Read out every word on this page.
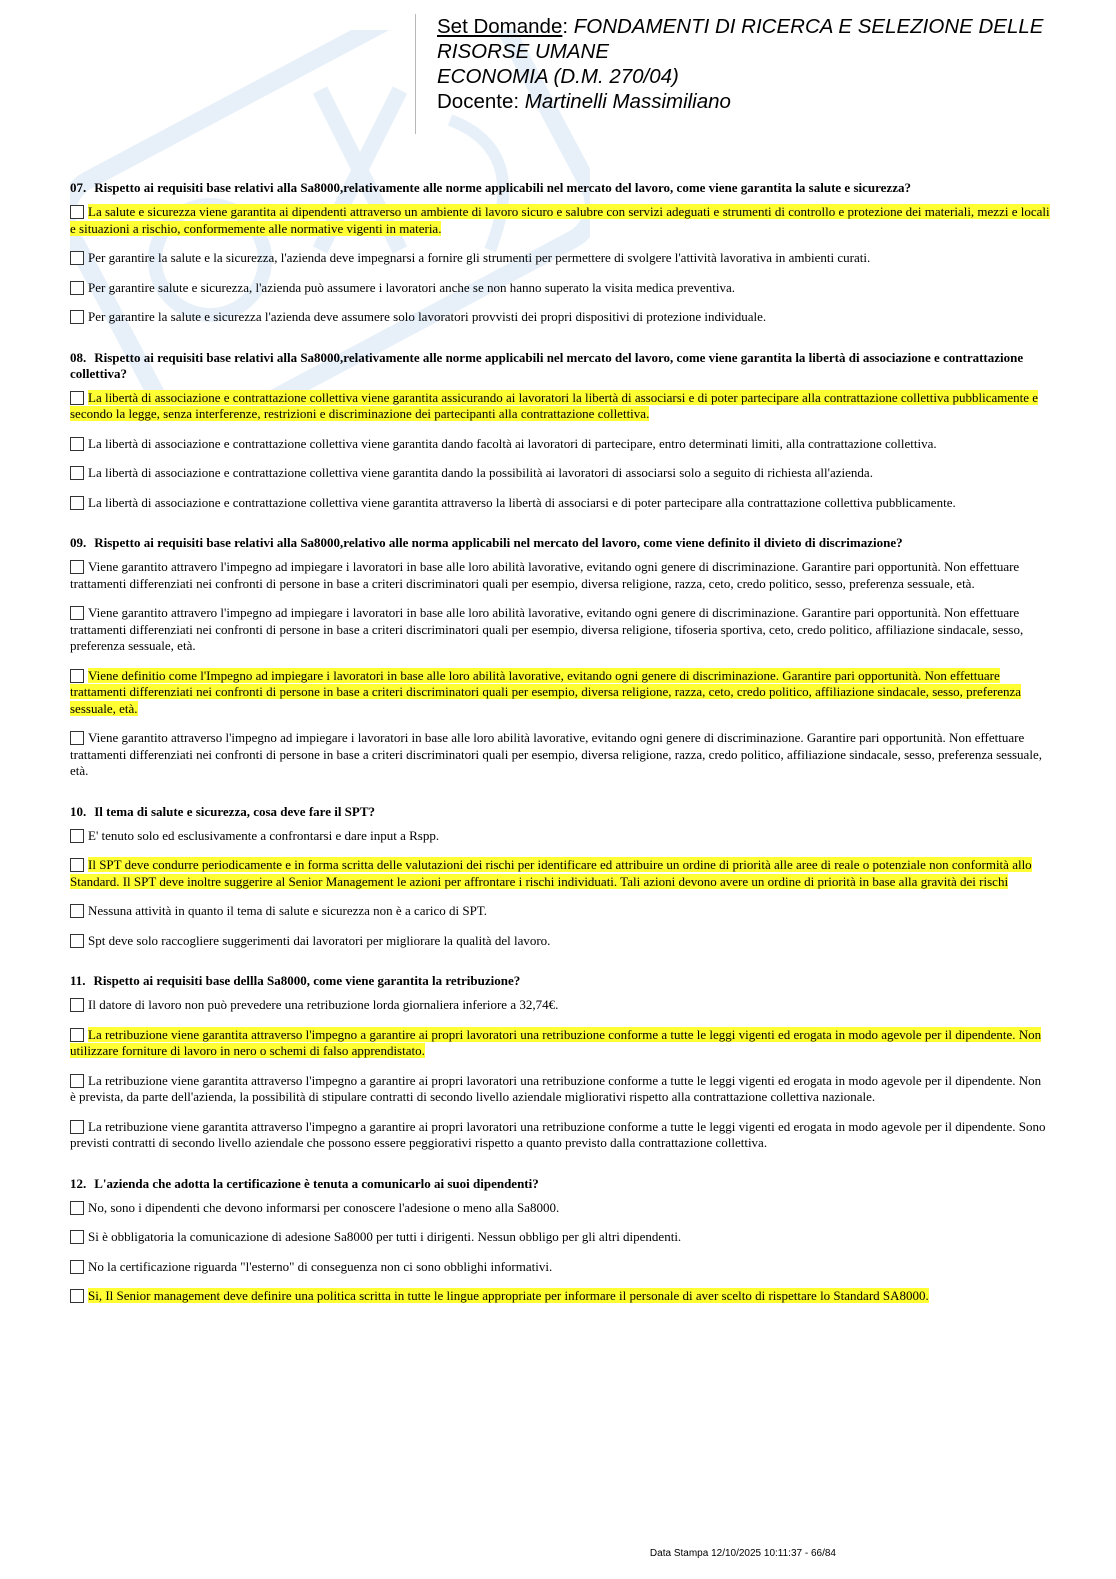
Set Domande: FONDAMENTI DI RICERCA E SELEZIONE DELLE RISORSE UMANE
ECONOMIA (D.M. 270/04)
Docente: Martinelli Massimiliano
07. Rispetto ai requisiti base relativi alla Sa8000,relativamente alle norme applicabili nel mercato del lavoro, come viene garantita la salute e sicurezza?
La salute e sicurezza viene garantita ai dipendenti attraverso un ambiente di lavoro sicuro e salubre con servizi adeguati e strumenti di controllo e protezione dei materiali, mezzi e locali e situazioni a rischio, conformemente alle normative vigenti in materia.
Per garantire la salute e la sicurezza, l'azienda deve impegnarsi a fornire gli strumenti per permettere di svolgere l'attività lavorativa in ambienti curati.
Per garantire salute e sicurezza, l'azienda può assumere i lavoratori anche se non hanno superato la visita medica preventiva.
Per garantire la salute e sicurezza l'azienda deve assumere solo lavoratori provvisti dei propri dispositivi di protezione individuale.
08. Rispetto ai requisiti base relativi alla Sa8000,relativamente alle norme applicabili nel mercato del lavoro, come viene garantita la libertà di associazione e contrattazione collettiva?
La libertà di associazione e contrattazione collettiva viene garantita assicurando ai lavoratori la libertà di associarsi e di poter partecipare alla contrattazione collettiva pubblicamente e secondo la legge, senza interferenze, restrizioni e discriminazione dei partecipanti alla contrattazione collettiva.
La libertà di associazione e contrattazione collettiva viene garantita dando facoltà ai lavoratori di partecipare, entro determinati limiti, alla contrattazione collettiva.
La libertà di associazione e contrattazione collettiva viene garantita dando la possibilità ai lavoratori di associarsi solo a seguito di richiesta all'azienda.
La libertà di associazione e contrattazione collettiva viene garantita attraverso la libertà di associarsi e di poter partecipare alla contrattazione collettiva pubblicamente.
09. Rispetto ai requisiti base relativi alla Sa8000,relativo alle norma applicabili nel mercato del lavoro, come viene definito il divieto di discrimazione?
Viene garantito attravero l'impegno ad impiegare i lavoratori in base alle loro abilità lavorative, evitando ogni genere di discriminazione. Garantire pari opportunità. Non effettuare trattamenti differenziati nei confronti di persone in base a criteri discriminatori quali per esempio, diversa religione, razza, ceto, credo politico, sesso, preferenza sessuale, età.
Viene garantito attravero l'impegno ad impiegare i lavoratori in base alle loro abilità lavorative, evitando ogni genere di discriminazione. Garantire pari opportunità. Non effettuare trattamenti differenziati nei confronti di persone in base a criteri discriminatori quali per esempio, diversa religione, tifoseria sportiva, ceto, credo politico, affiliazione sindacale, sesso, preferenza sessuale, età.
Viene definitio come l'Impegno ad impiegare i lavoratori in base alle loro abilità lavorative, evitando ogni genere di discriminazione. Garantire pari opportunità. Non effettuare trattamenti differenziati nei confronti di persone in base a criteri discriminatori quali per esempio, diversa religione, razza, ceto, credo politico, affiliazione sindacale, sesso, preferenza sessuale, età.
Viene garantito attraverso l'impegno ad impiegare i lavoratori in base alle loro abilità lavorative, evitando ogni genere di discriminazione. Garantire pari opportunità. Non effettuare trattamenti differenziati nei confronti di persone in base a criteri discriminatori quali per esempio, diversa religione, razza, credo politico, affiliazione sindacale, sesso, preferenza sessuale, età.
10. Il tema di salute e sicurezza, cosa deve fare il SPT?
E' tenuto solo ed esclusivamente a confrontarsi e dare input a Rspp.
Il SPT deve condurre periodicamente e in forma scritta delle valutazioni dei rischi per identificare ed attribuire un ordine di priorità alle aree di reale o potenziale non conformità allo Standard. Il SPT deve inoltre suggerire al Senior Management le azioni per affrontare i rischi individuati. Tali azioni devono avere un ordine di priorità in base alla gravità dei rischi
Nessuna attività in quanto il tema di salute e sicurezza non è a carico di SPT.
Spt deve solo raccogliere suggerimenti dai lavoratori per migliorare la qualità del lavoro.
11. Rispetto ai requisiti base dellla Sa8000, come viene garantita la retribuzione?
Il datore di lavoro non può prevedere una retribuzione lorda giornaliera inferiore a 32,74€.
La retribuzione viene garantita attraverso l'impegno a garantire ai propri lavoratori una retribuzione conforme a tutte le leggi vigenti ed erogata in modo agevole per il dipendente. Non utilizzare forniture di lavoro in nero o schemi di falso apprendistato.
La retribuzione viene garantita attraverso l'impegno a garantire ai propri lavoratori una retribuzione conforme a tutte le leggi vigenti ed erogata in modo agevole per il dipendente. Non è prevista, da parte dell'azienda, la possibilità di stipulare contratti di secondo livello aziendale migliorativi rispetto alla contrattazione collettiva nazionale.
La retribuzione viene garantita attraverso l'impegno a garantire ai propri lavoratori una retribuzione conforme a tutte le leggi vigenti ed erogata in modo agevole per il dipendente. Sono previsti contratti di secondo livello aziendale che possono essere peggiorativi rispetto a quanto previsto dalla contrattazione collettiva.
12. L'azienda che adotta la certificazione è tenuta a comunicarlo ai suoi dipendenti?
No, sono i dipendenti che devono informarsi per conoscere l'adesione o meno alla Sa8000.
Si è obbligatoria la comunicazione di adesione Sa8000 per tutti i dirigenti. Nessun obbligo per gli altri dipendenti.
No la certificazione riguarda "l'esterno" di conseguenza non ci sono obblighi informativi.
Si, Il Senior management deve definire una politica scritta in tutte le lingue appropriate per informare il personale di aver scelto di rispettare lo Standard SA8000.
Data Stampa 12/10/2025 10:11:37 - 66/84
